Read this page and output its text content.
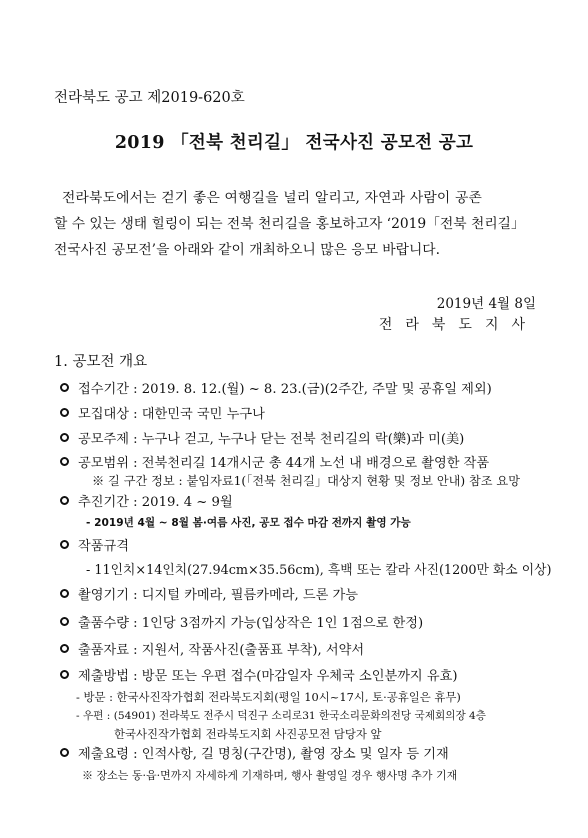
전라북도 공고 제2019-620호
2019 「전북 천리길」 전국사진 공모전 공고

전라북도에서는 걷기 좋은 여행길을 널리 알리고, 자연과 사람이 공존

할 수 있는 생태 힐링이 되는 전북 천리길을 홍보하고자 ‘2019「전북 천리길」

전국사진 공모전’을 아래와 같이 개최하오니 많은 응모 바랍니다.

2019년 4월 8일
전라북도지사
1. 공모전 개요
접수기간 : 2019. 8. 12.(월) ~ 8. 23.(금)(2주간, 주말 및 공휴일 제외)
모집대상 : 대한민국 국민 누구나
공모주제 : 누구나 걷고, 누구나 닫는 전북 천리길의 락(樂)과 미(美)
공모범위 : 전북천리길 14개시군 총 44개 노선 내 배경으로 촬영한 작품
※ 길 구간 정보 : 붙임자료1(「전북 천리길」대상지 현황 및 정보 안내) 참조 요망
추진기간 : 2019. 4 ~ 9월
- 2019년 4월 ~ 8월 봄·여름 사진, 공모 접수 마감 전까지 촬영 가능
작품규격
- 11인치×14인치(27.94cm×35.56cm), 흑백 또는 칼라 사진(1200만 화소 이상)
촬영기기 : 디지털 카메라, 필름카메라, 드론 가능
출품수량 : 1인당 3점까지 가능(입상작은 1인 1점으로 한정)
출품자료 : 지원서, 작품사진(출품표 부착), 서약서
제출방법 : 방문 또는 우편 접수(마감일자 우체국 소인분까지 유효)
- 방문 : 한국사진작가협회 전라북도지회(평일 10시~17시, 토·공휴일은 휴무)
- 우편 : (54901) 전라북도 전주시 덕진구 소리로31 한국소리문화의전당 국제회의장 4층
한국사진작가협회 전라북도지회 사진공모전 담당자 앞
제출요령 : 인적사항, 길 명칭(구간명), 촬영 장소 및 일자 등 기재
※ 장소는 동·읍·면까지 자세하게 기재하며, 행사 촬영일 경우 행사명 추가 기재
